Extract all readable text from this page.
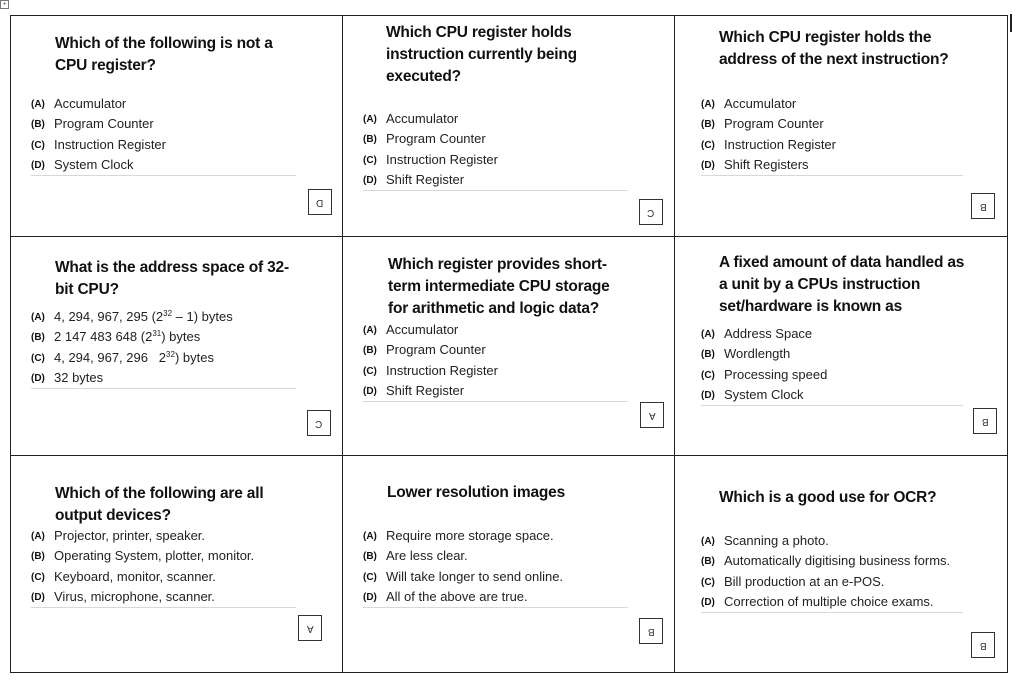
+

Which of the following is not a CPU register?

(A) Accumulator
(B) Program Counter
(C) Instruction Register
(D) System Clock
D

Which CPU register holds instruction currently being executed?

(A) Accumulator
(B) Program Counter
(C) Instruction Register
(D) Shift Register
C

Which CPU register holds the address of the next instruction?

(A) Accumulator
(B) Program Counter
(C) Instruction Register
(D) Shift Registers
B

What is the address space of 32-bit CPU?

(A) 4, 294, 967, 295 $(2^{32} - 1)$ bytes
(B) 2 147 483 648 $(2^{31})$ bytes
(C) 4, 294, 967, 296   $2^{32}$) bytes
(D) 32 bytes
C

Which register provides short-term intermediate CPU storage for arithmetic and logic data?

(A) Accumulator
(B) Program Counter
(C) Instruction Register
(D) Shift Register
A

A fixed amount of data handled as a unit by a CPUs instruction set/hardware is known as

(A) Address Space
(B) Wordlength
(C) Processing speed
(D) System Clock
B

Which of the following are all output devices?

(A) Projector, printer, speaker.
(B) Operating System, plotter, monitor.
(C) Keyboard, monitor, scanner.
(D) Virus, microphone, scanner.
A

Lower resolution images

(A) Require more storage space.
(B) Are less clear.
(C) Will take longer to send online.
(D) All of the above are true.
B

Which is a good use for OCR?

(A) Scanning a photo.
(B) Automatically digitising business forms.
(C) Bill production at an e-POS.
(D) Correction of multiple choice exams.
B
